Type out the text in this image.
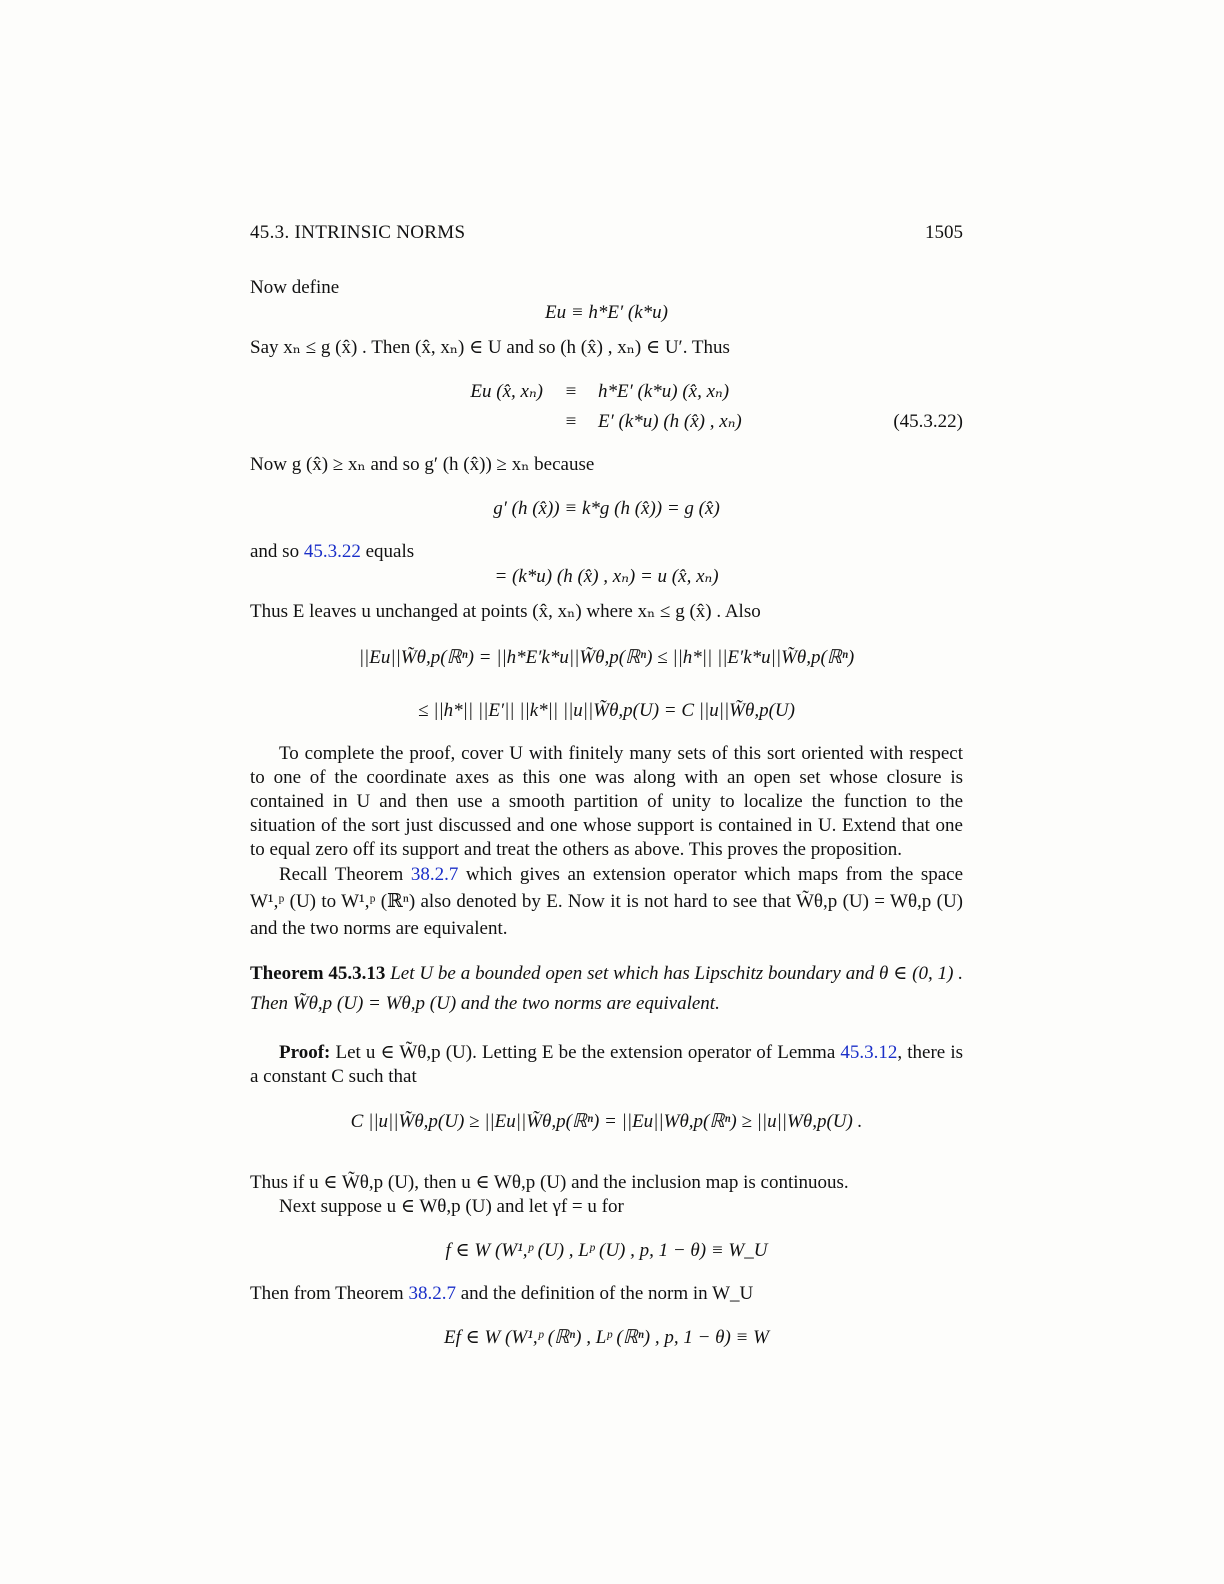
45.3. INTRINSIC NORMS	1505
Now define
Eu ≡ h*E′ (k*u)
Say xₙ ≤ g (x̂) . Then (x̂, xₙ) ∈ U and so (h (x̂) , xₙ) ∈ U′. Thus
Eu (x̂, xₙ) ≡ h*E′ (k*u) (x̂, xₙ)
≡ E′ (k*u) (h (x̂) , xₙ)	(45.3.22)
Now g (x̂) ≥ xₙ and so g′ (h (x̂)) ≥ xₙ because
g′ (h (x̂)) ≡ k*g (h (x̂)) = g (x̂)
and so 45.3.22 equals
= (k*u) (h (x̂) , xₙ) = u (x̂, xₙ)
Thus E leaves u unchanged at points (x̂, xₙ) where xₙ ≤ g (x̂) . Also
||Eu||W̃θ,p(ℝⁿ) = ||h*E′k*u||W̃θ,p(ℝⁿ) ≤ ||h*|| ||E′k*u||W̃θ,p(ℝⁿ)
≤ ||h*|| ||E′|| ||k*|| ||u||W̃θ,p(U) = C ||u||W̃θ,p(U)
To complete the proof, cover U with finitely many sets of this sort oriented with respect to one of the coordinate axes as this one was along with an open set whose closure is contained in U and then use a smooth partition of unity to localize the function to the situation of the sort just discussed and one whose support is contained in U. Extend that one to equal zero off its support and treat the others as above. This proves the proposition.
Recall Theorem 38.2.7 which gives an extension operator which maps from the space W¹,ᵖ (U) to W¹,ᵖ (ℝⁿ) also denoted by E. Now it is not hard to see that W̃θ,p (U) = Wθ,p (U) and the two norms are equivalent.
Theorem 45.3.13 Let U be a bounded open set which has Lipschitz boundary and θ ∈ (0, 1) . Then W̃θ,p (U) = Wθ,p (U) and the two norms are equivalent.
Proof: Let u ∈ W̃θ,p (U). Letting E be the extension operator of Lemma 45.3.12, there is a constant C such that
C ||u||W̃θ,p(U) ≥ ||Eu||W̃θ,p(ℝⁿ) = ||Eu||Wθ,p(ℝⁿ) ≥ ||u||Wθ,p(U) .
Thus if u ∈ W̃θ,p (U), then u ∈ Wθ,p (U) and the inclusion map is continuous.
Next suppose u ∈ Wθ,p (U) and let γf = u for
f ∈ W (W¹,ᵖ (U) , Lᵖ (U) , p, 1 − θ) ≡ W_U
Then from Theorem 38.2.7 and the definition of the norm in W_U
Ef ∈ W (W¹,ᵖ (ℝⁿ) , Lᵖ (ℝⁿ) , p, 1 − θ) ≡ W
